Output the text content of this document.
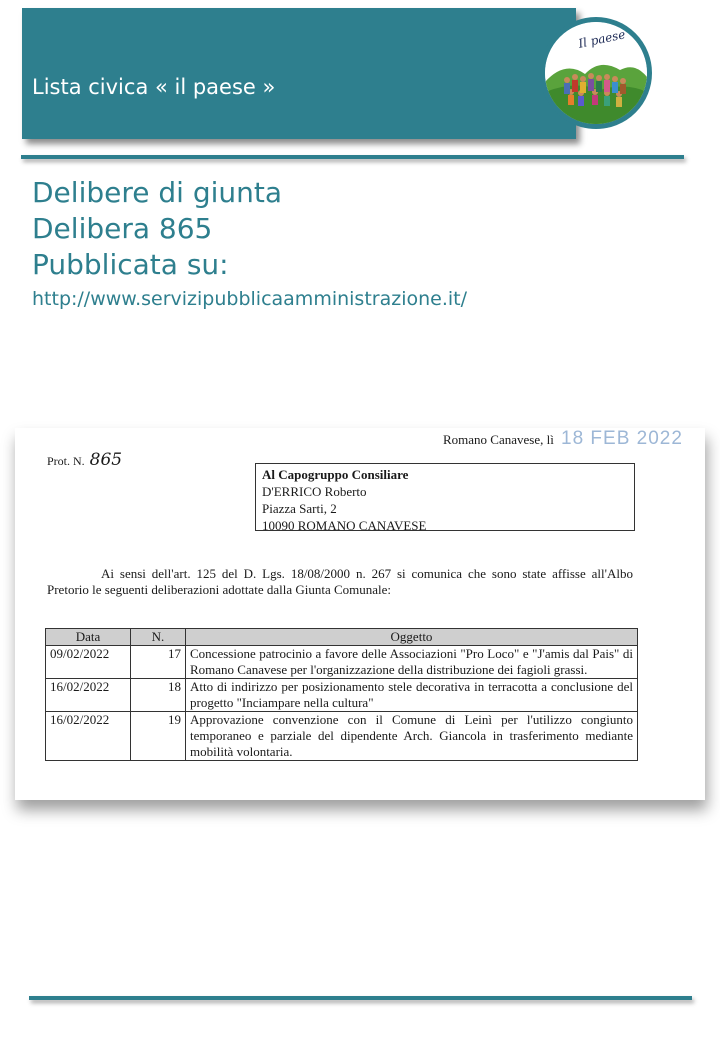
Lista civica « il paese »
Il paese
Delibere di giunta
Delibera 865
Pubblicata su:
http://www.servizipubblicaamministrazione.it/
Romano Canavese, lì 18 FEB 2022
Prot. N. 865
Al Capogruppo Consiliare
D'ERRICO Roberto
Piazza Sarti, 2
10090 ROMANO CANAVESE
Ai sensi dell'art. 125 del D. Lgs. 18/08/2000 n. 267 si comunica che sono state affisse all'Albo Pretorio le seguenti deliberazioni adottate dalla Giunta Comunale:
Data	N.	Oggetto
09/02/2022	17	Concessione patrocinio a favore delle Associazioni "Pro Loco" e "J'amis dal Pais" di Romano Canavese per l'organizzazione della distribuzione dei fagioli grassi.
16/02/2022	18	Atto di indirizzo per posizionamento stele decorativa in terracotta a conclusione del progetto "Inciampare nella cultura"
16/02/2022	19	Approvazione convenzione con il Comune di Leinì per l'utilizzo congiunto temporaneo e parziale del dipendente Arch. Giancola in trasferimento mediante mobilità volontaria.
